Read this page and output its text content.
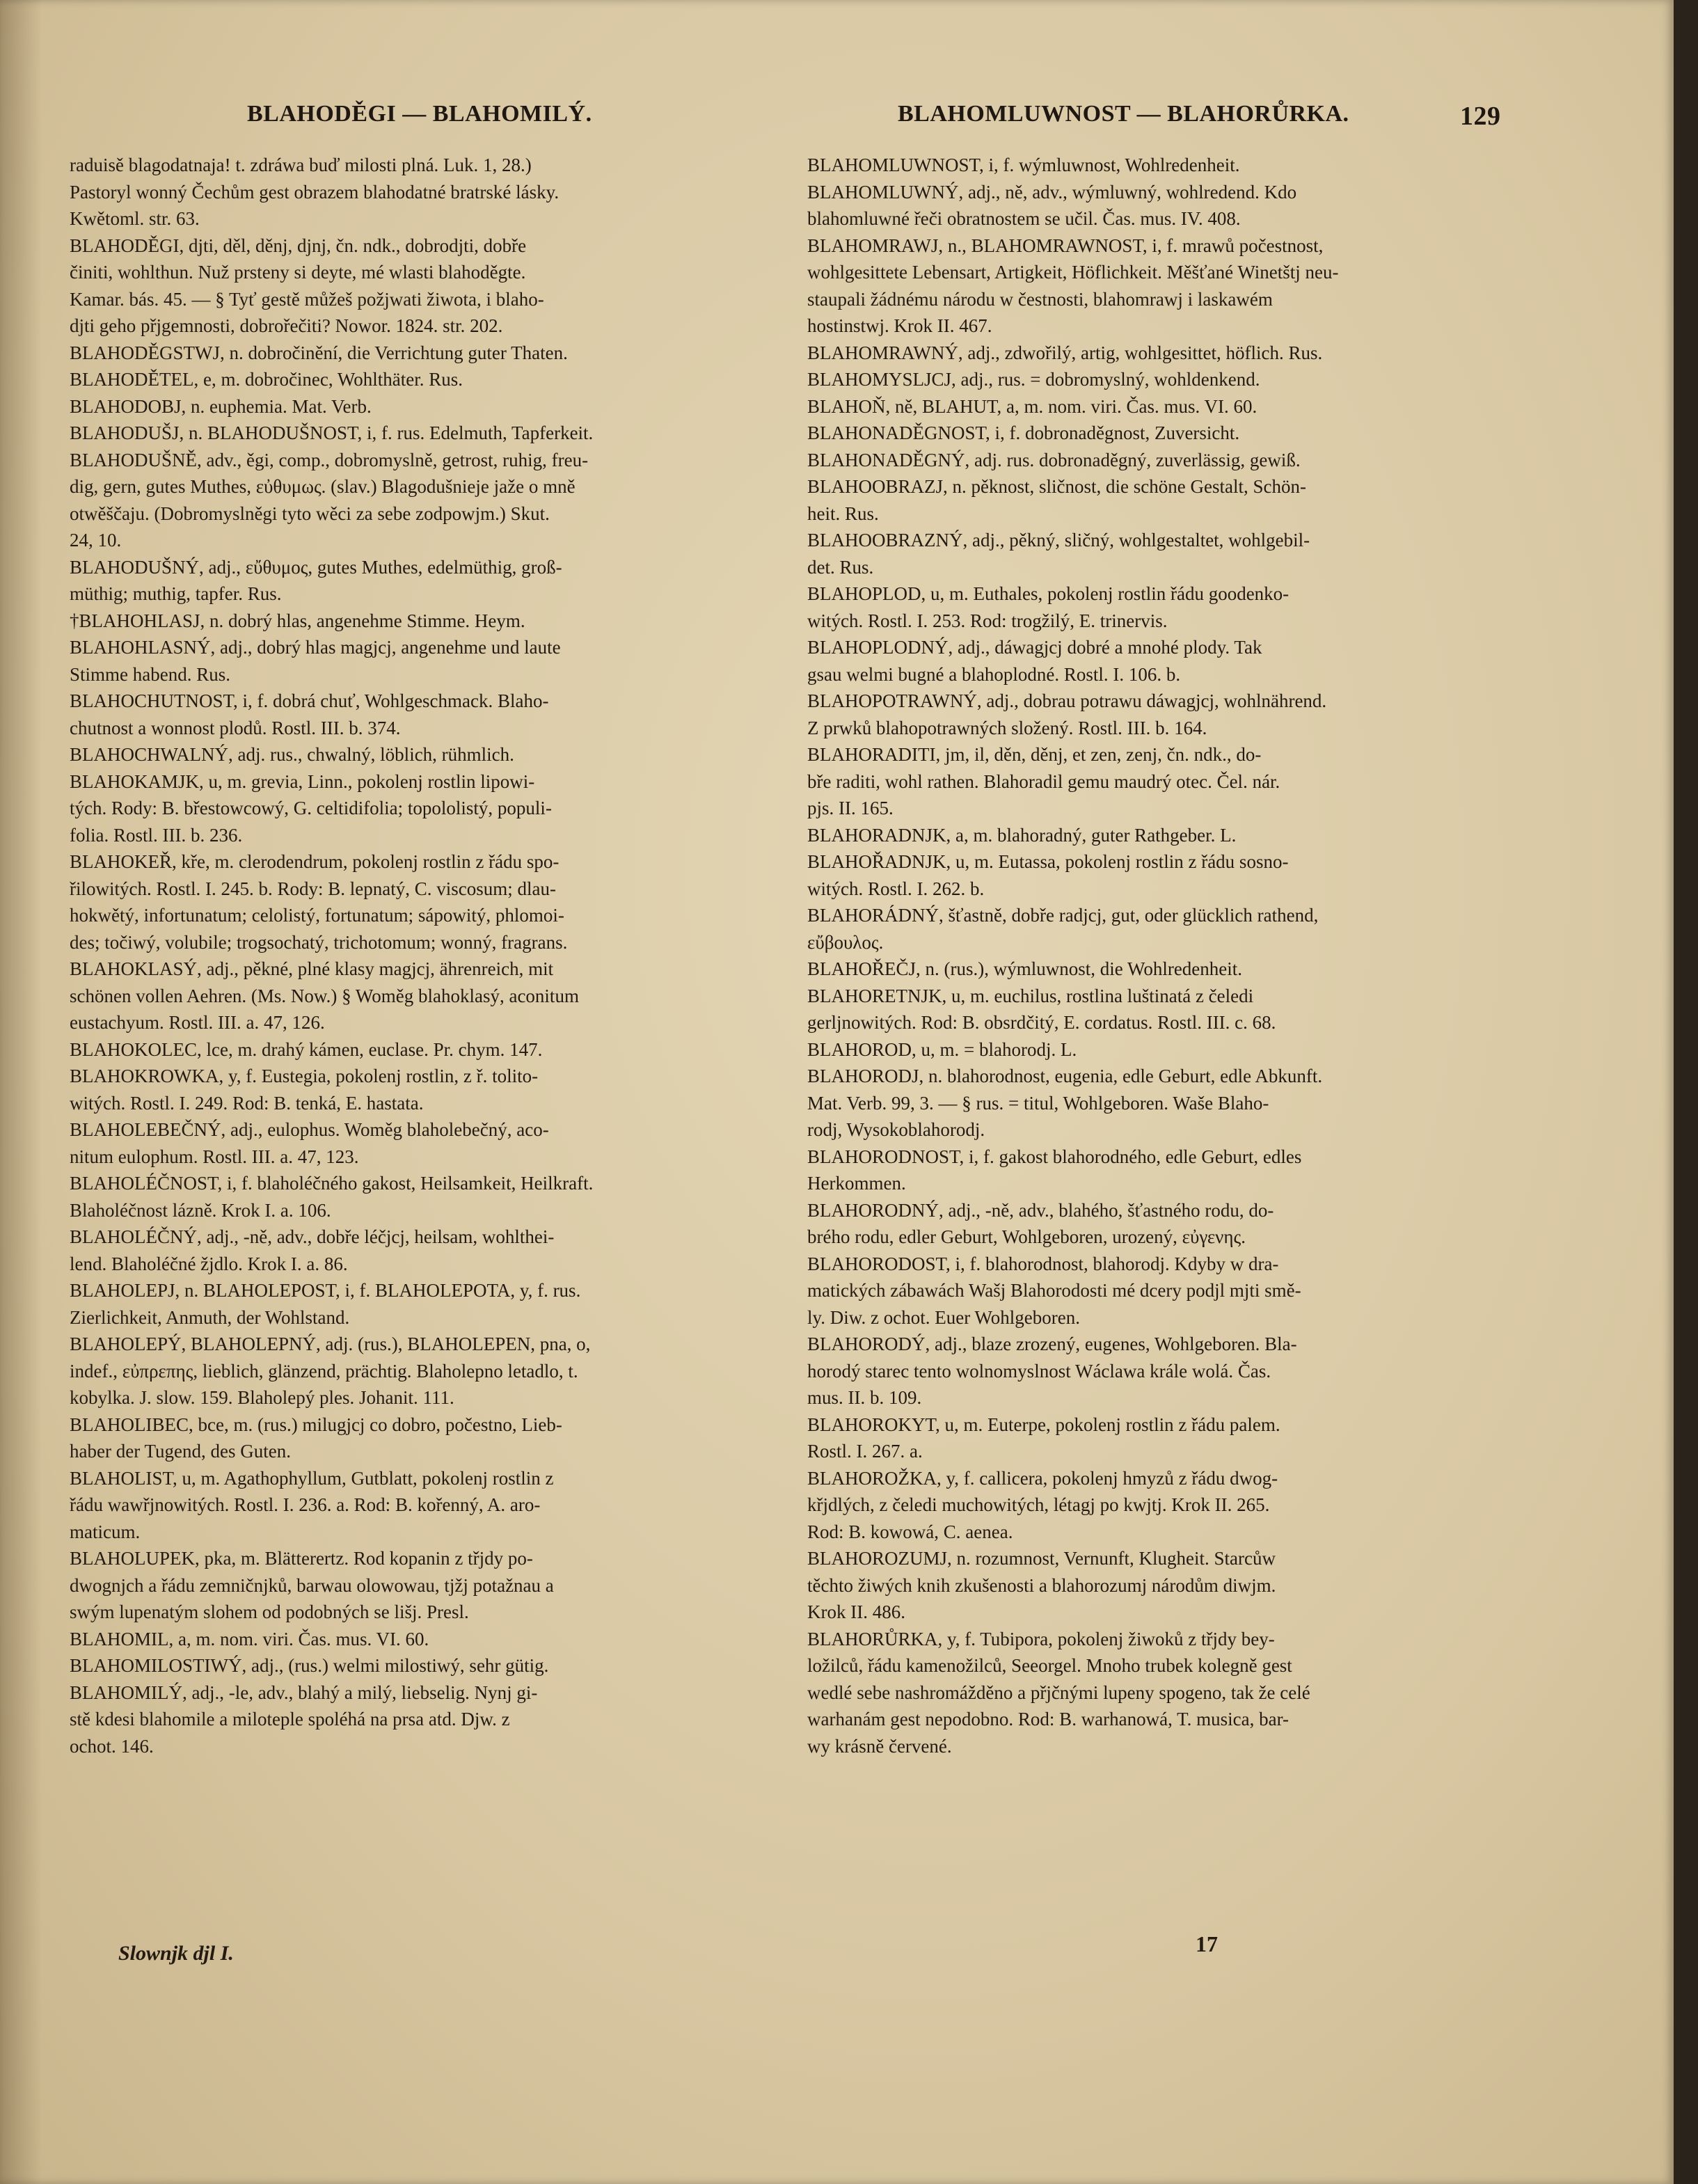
BLAHODĚGI — BLAHOMILÝ.	BLAHOMLUWNOST — BLAHORŮRKA.	129
raduisě blagodatnaja! t. zdráwa buď milosti plná. Luk. 1, 28.)
Pastoryl wonný Čechům gest obrazem blahodatné bratrské lásky.
Kwětoml. str. 63.
BLAHODĚGI, djti, děl, děnj, djnj, čn. ndk., dobrodjti, dobře
činiti, wohlthun. Nuž prsteny si deyte, mé wlasti blahoděgte.
Kamar. bás. 45. — § Tyť gestě můžeš požjwati žiwota, i blaho-
djti geho přjgemnosti, dobrořečiti? Nowor. 1824. str. 202.
BLAHODĚGSTWJ, n. dobročinění, die Verrichtung guter Thaten.
BLAHODĚTEL, e, m. dobročinec, Wohlthäter. Rus.
BLAHODOBJ, n. euphemia. Mat. Verb.
BLAHODUŠJ, n. BLAHODUŠNOST, i, f. rus. Edelmuth, Tapferkeit.
BLAHODUŠNĚ, adv., ěgi, comp., dobromyslně, getrost, ruhig, freu-
dig, gern, gutes Muthes, εὐθυμως. (slav.) Blagodušnieje jaže o mně
otwěščaju. (Dobromyslněgi tyto wěci za sebe zodpowjm.) Skut.
24, 10.
BLAHODUŠNÝ, adj., εὔθυμος, gutes Muthes, edelmüthig, groß-
müthig; muthig, tapfer. Rus.
†BLAHOHLASJ, n. dobrý hlas, angenehme Stimme. Heym.
BLAHOHLASNÝ, adj., dobrý hlas magjcj, angenehme und laute
Stimme habend. Rus.
BLAHOCHUTNOST, i, f. dobrá chuť, Wohlgeschmack. Blaho-
chutnost a wonnost plodů. Rostl. III. b. 374.
BLAHOCHWALNÝ, adj. rus., chwalný, löblich, rühmlich.
BLAHOKAMJK, u, m. grevia, Linn., pokolenj rostlin lipowi-
tých. Rody: B. břestowcowý, G. celtidifolia; topololistý, populi-
folia. Rostl. III. b. 236.
BLAHOKEŘ, kře, m. clerodendrum, pokolenj rostlin z řádu spo-
řilowitých. Rostl. I. 245. b. Rody: B. lepnatý, C. viscosum; dlau-
hokwětý, infortunatum; celolistý, fortunatum; sápowitý, phlomoi-
des; točiwý, volubile; trogsochatý, trichotomum; wonný, fragrans.
BLAHOKLASÝ, adj., pěkné, plné klasy magjcj, ährenreich, mit
schönen vollen Aehren. (Ms. Now.) § Woměg blahoklasý, aconitum
eustachyum. Rostl. III. a. 47, 126.
BLAHOKOLEC, lce, m. drahý kámen, euclase. Pr. chym. 147.
BLAHOKROWKA, y, f. Eustegia, pokolenj rostlin, z ř. tolito-
witých. Rostl. I. 249. Rod: B. tenká, E. hastata.
BLAHOLEBEČNÝ, adj., eulophus. Woměg blaholebečný, aco-
nitum eulophum. Rostl. III. a. 47, 123.
BLAHOLÉČNOST, i, f. blaholéčného gakost, Heilsamkeit, Heilkraft.
Blaholéčnost lázně. Krok I. a. 106.
BLAHOLÉČNÝ, adj., -ně, adv., dobře léčjcj, heilsam, wohlthei-
lend. Blaholéčné žjdlo. Krok I. a. 86.
BLAHOLEPJ, n. BLAHOLEPOST, i, f. BLAHOLEPOTA, y, f. rus.
Zierlichkeit, Anmuth, der Wohlstand.
BLAHOLEPÝ, BLAHOLEPNÝ, adj. (rus.), BLAHOLEPEN, pna, o,
indef., εὐπρεπης, lieblich, glänzend, prächtig. Blaholepno letadlo, t.
kobylka. J. slow. 159. Blaholepý ples. Johanit. 111.
BLAHOLIBEC, bce, m. (rus.) milugjcj co dobro, počestno, Lieb-
haber der Tugend, des Guten.
BLAHOLIST, u, m. Agathophyllum, Gutblatt, pokolenj rostlin z
řádu wawřjnowitých. Rostl. I. 236. a. Rod: B. kořenný, A. aro-
maticum.
BLAHOLUPEK, pka, m. Blätterertz. Rod kopanin z třjdy po-
dwognjch a řádu zemničnjků, barwau olowowau, tjžj potažnau a
swým lupenatým slohem od podobných se lišj. Presl.
BLAHOMIL, a, m. nom. viri. Čas. mus. VI. 60.
BLAHOMILOSTIWÝ, adj., (rus.) welmi milostiwý, sehr gütig.
BLAHOMILÝ, adj., -le, adv., blahý a milý, liebselig. Nynj gi-
stě kdesi blahomile a miloteple spoléhá na prsa atd. Djw. z
ochot. 146.
BLAHOMLUWNOST, i, f. wýmluwnost, Wohlredenheit.
BLAHOMLUWNÝ, adj., ně, adv., wýmluwný, wohlredend. Kdo
blahomluwné řeči obratnostem se učil. Čas. mus. IV. 408.
BLAHOMRAWJ, n., BLAHOMRAWNOST, i, f. mrawů počestnost,
wohlgesittete Lebensart, Artigkeit, Höflichkeit. Měšťané Winetštj neu-
staupali žádnému národu w čestnosti, blahomrawj i laskawém
hostinstwj. Krok II. 467.
BLAHOMRAWNÝ, adj., zdwořilý, artig, wohlgesittet, höflich. Rus.
BLAHOMYSLJCJ, adj., rus. = dobromyslný, wohldenkend.
BLAHOŇ, ně, BLAHUT, a, m. nom. viri. Čas. mus. VI. 60.
BLAHONADĚGNOST, i, f. dobronaděgnost, Zuversicht.
BLAHONADĚGNÝ, adj. rus. dobronaděgný, zuverlässig, gewiß.
BLAHOOBRAZJ, n. pěknost, sličnost, die schöne Gestalt, Schön-
heit. Rus.
BLAHOOBRAZNÝ, adj., pěkný, sličný, wohlgestaltet, wohlgebil-
det. Rus.
BLAHOPLOD, u, m. Euthales, pokolenj rostlin řádu goodenko-
witých. Rostl. I. 253. Rod: trogžilý, E. trinervis.
BLAHOPLODNÝ, adj., dáwagjcj dobré a mnohé plody. Tak
gsau welmi bugné a blahoplodné. Rostl. I. 106. b.
BLAHOPOTRAWNÝ, adj., dobrau potrawu dáwagjcj, wohlnährend.
Z prwků blahopotrawných složený. Rostl. III. b. 164.
BLAHORADITI, jm, il, děn, děnj, et zen, zenj, čn. ndk., do-
bře raditi, wohl rathen. Blahoradil gemu maudrý otec. Čel. nár.
pjs. II. 165.
BLAHORADNJK, a, m. blahoradný, guter Rathgeber. L.
BLAHOŘADNJK, u, m. Eutassa, pokolenj rostlin z řádu sosno-
witých. Rostl. I. 262. b.
BLAHORÁDNÝ, šťastně, dobře radjcj, gut, oder glücklich rathend,
εὔβουλος.
BLAHOŘEČJ, n. (rus.), wýmluwnost, die Wohlredenheit.
BLAHORETNJK, u, m. euchilus, rostlina luštinatá z čeledi
gerljnowitých. Rod: B. obsrdčitý, E. cordatus. Rostl. III. c. 68.
BLAHOROD, u, m. = blahorodj. L.
BLAHORODJ, n. blahorodnost, eugenia, edle Geburt, edle Abkunft.
Mat. Verb. 99, 3. — § rus. = titul, Wohlgeboren. Waše Blaho-
rodj, Wysokoblahorodj.
BLAHORODNOST, i, f. gakost blahorodného, edle Geburt, edles
Herkommen.
BLAHORODNÝ, adj., -ně, adv., blahého, šťastného rodu, do-
brého rodu, edler Geburt, Wohlgeboren, urozený, εὐγενης.
BLAHORODOST, i, f. blahorodnost, blahorodj. Kdyby w dra-
matických zábawách Wašj Blahorodosti mé dcery podjl mjti smě-
ly. Diw. z ochot. Euer Wohlgeboren.
BLAHORODÝ, adj., blaze zrozený, eugenes, Wohlgeboren. Bla-
horodý starec tento wolnomyslnost Wáclawa krále wolá. Čas.
mus. II. b. 109.
BLAHOROKYT, u, m. Euterpe, pokolenj rostlin z řádu palem.
Rostl. I. 267. a.
BLAHOROŽKA, y, f. callicera, pokolenj hmyzů z řádu dwog-
křjdlých, z čeledi muchowitých, létagj po kwjtj. Krok II. 265.
Rod: B. kowowá, C. aenea.
BLAHOROZUMJ, n. rozumnost, Vernunft, Klugheit. Starcůw
těchto žiwých knih zkušenosti a blahorozumj národům diwjm.
Krok II. 486.
BLAHORŮRKA, y, f. Tubipora, pokolenj žiwoků z třjdy bey-
ložilců, řádu kamenožilců, Seeorgel. Mnoho trubek kolegně gest
wedlé sebe nashromážděno a přjčnými lupeny spogeno, tak že celé
warhanám gest nepodobno. Rod: B. warhanowá, T. musica, bar-
wy krásně červené.
17
Slownjk djl I.
